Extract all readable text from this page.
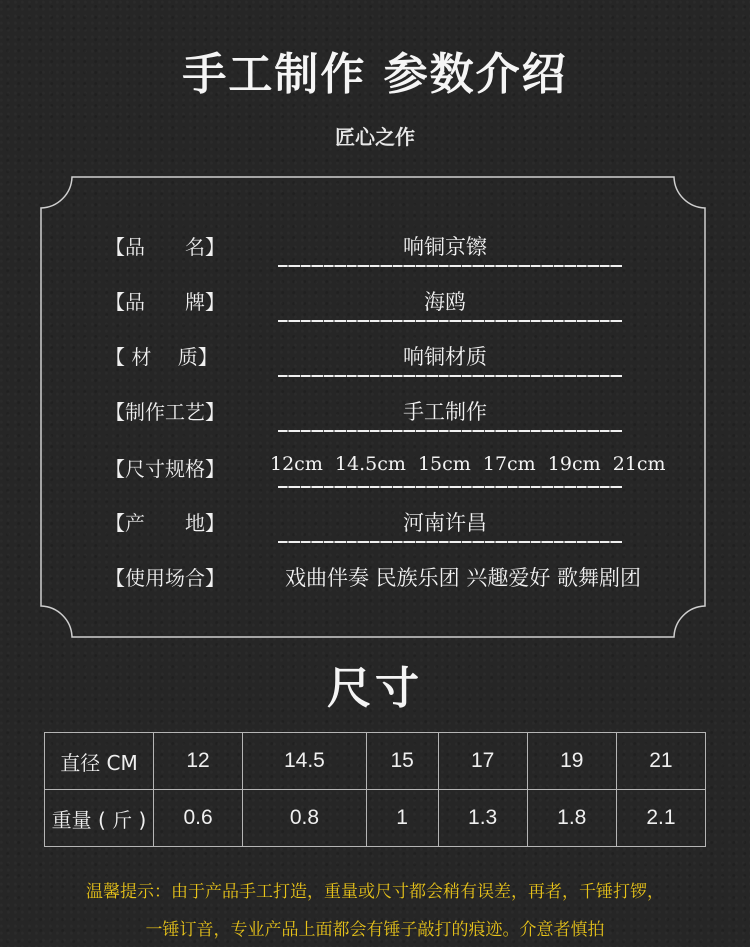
手工制作 参数介绍
匠心之作
【品　　名】	响铜京镲
【品　　牌】	海鸥
【 材　 质】	响铜材质
【制作工艺】	手工制作
【尺寸规格】	12cm  14.5cm  15cm  17cm  19cm  21cm
【产　　地】	河南许昌
【使用场合】	戏曲伴奏 民族乐团 兴趣爱好 歌舞剧团
尺寸
直径 CM	12	14.5	15	17	19	21
重量 ( 斤 )	0.6	0.8	1	1.3	1.8	2.1
温馨提示：由于产品手工打造，重量或尺寸都会稍有误差，再者，千锤打锣，
一锤订音，专业产品上面都会有锤子敲打的痕迹。介意者慎拍
